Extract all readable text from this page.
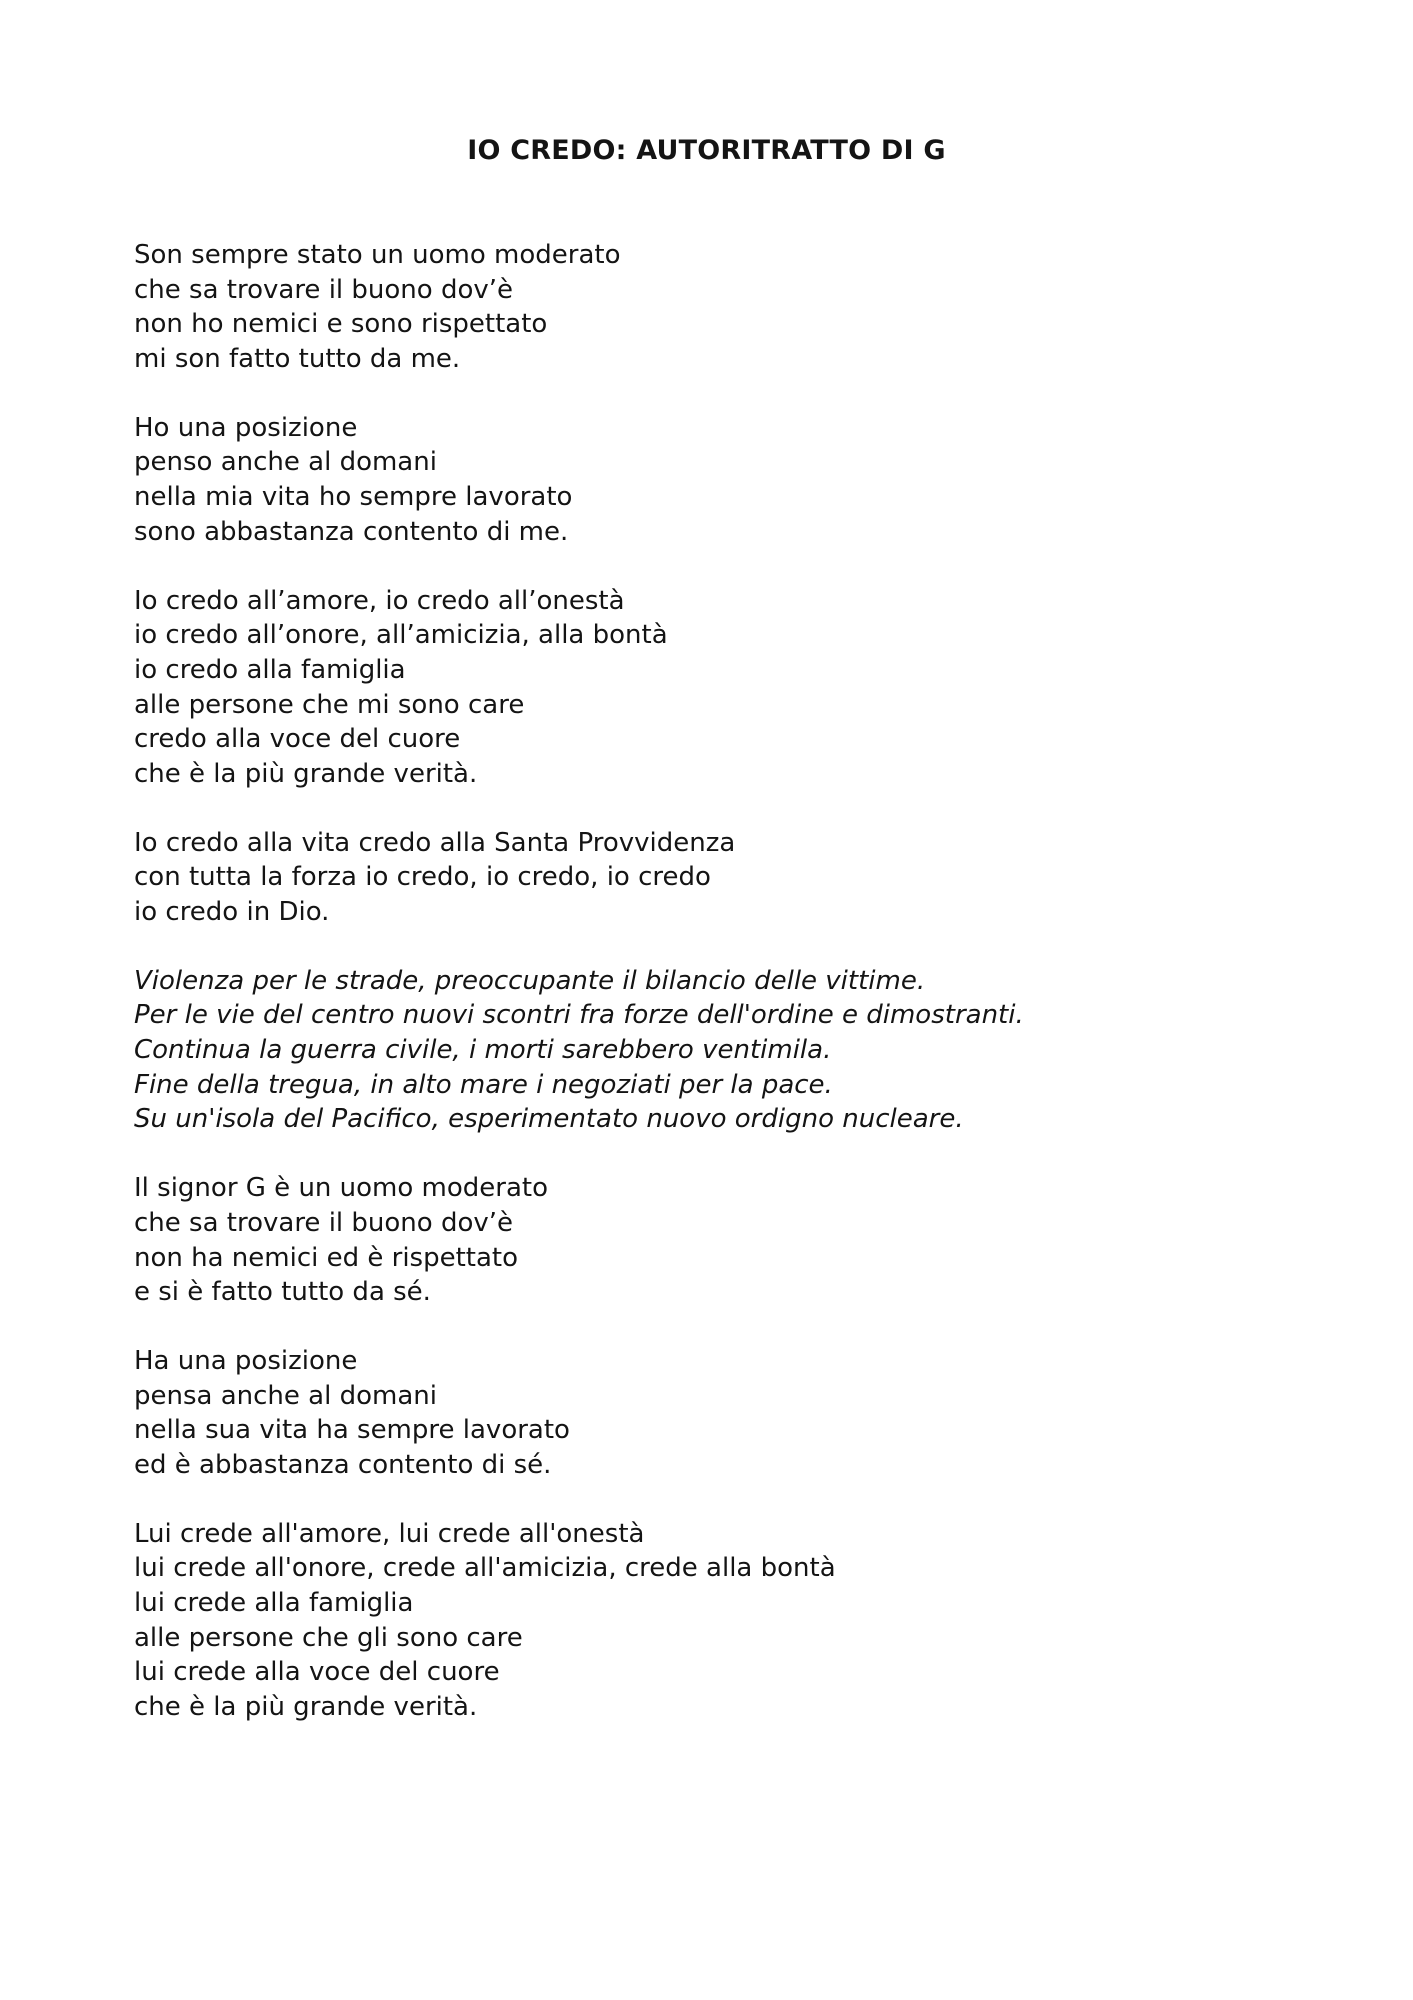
IO CREDO: AUTORITRATTO DI G
Son sempre stato un uomo moderato
che sa trovare il buono dov’è
non ho nemici e sono rispettato
mi son fatto tutto da me.
Ho una posizione
penso anche al domani
nella mia vita ho sempre lavorato
sono abbastanza contento di me.
Io credo all’amore, io credo all’onestà
io credo all’onore, all’amicizia, alla bontà
io credo alla famiglia
alle persone che mi sono care
credo alla voce del cuore
che è la più grande verità.
Io credo alla vita credo alla Santa Provvidenza
con tutta la forza io credo, io credo, io credo
io credo in Dio.
Violenza per le strade, preoccupante il bilancio delle vittime.
Per le vie del centro nuovi scontri fra forze dell'ordine e dimostranti.
Continua la guerra civile, i morti sarebbero ventimila.
Fine della tregua, in alto mare i negoziati per la pace.
Su un'isola del Pacifico, esperimentato nuovo ordigno nucleare.
Il signor G è un uomo moderato
che sa trovare il buono dov’è
non ha nemici ed è rispettato
e si è fatto tutto da sé.
Ha una posizione
pensa anche al domani
nella sua vita ha sempre lavorato
ed è abbastanza contento di sé.
Lui crede all'amore, lui crede all'onestà
lui crede all'onore, crede all'amicizia, crede alla bontà
lui crede alla famiglia
alle persone che gli sono care
lui crede alla voce del cuore
che è la più grande verità.
